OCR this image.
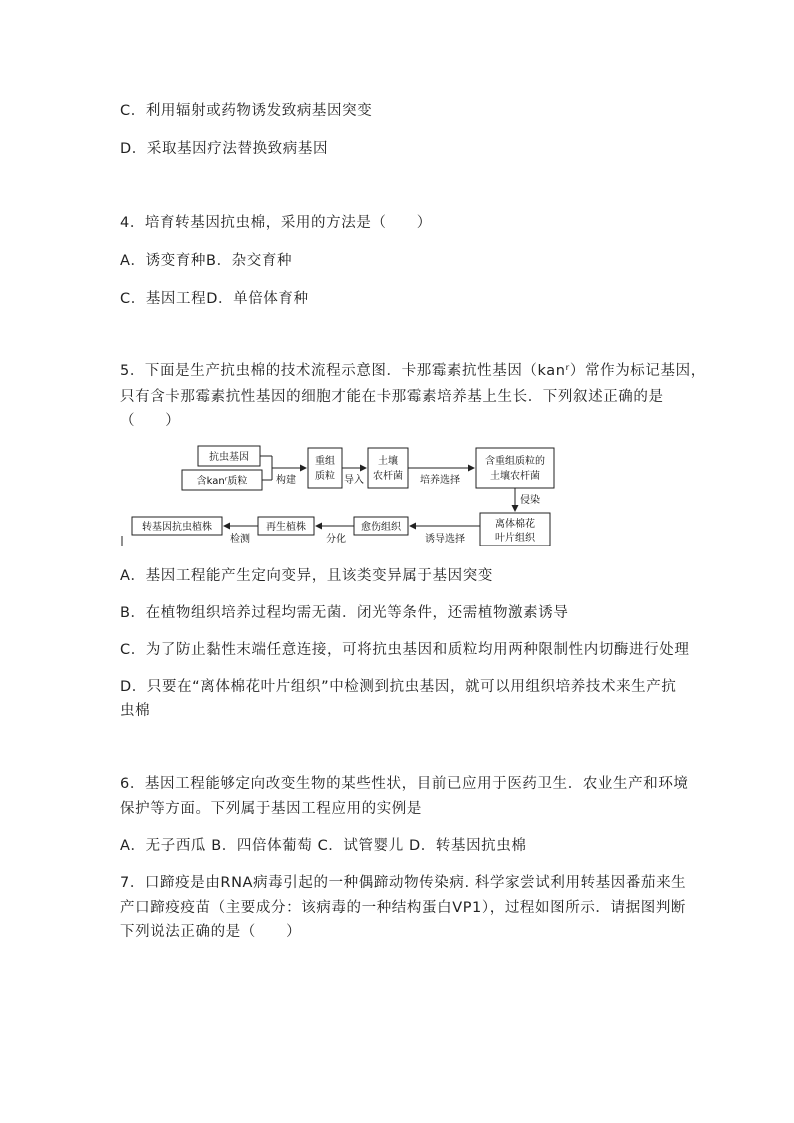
C．利用辐射或药物诱发致病基因突变
D．采取基因疗法替换致病基因
4．培育转基因抗虫棉，采用的方法是（　　）
A．诱变育种B．杂交育种
C．基因工程D．单倍体育种
5．下面是生产抗虫棉的技术流程示意图．卡那霉素抗性基因（kanʳ）常作为标记基因，
只有含卡那霉素抗性基因的细胞才能在卡那霉素培养基上生长．下列叙述正确的是
（　　）
抗虫基因
含kanʳ质粒	构建
重组
质粒 导入
土壤
农杆菌 培养选择
含重组质粒的
土壤农杆菌
侵染
离体棉花
叶片组织
诱导选择
愈伤组织
分化
再生植株
检测
转基因抗虫植株
A．基因工程能产生定向变异，且该类变异属于基因突变
B．在植物组织培养过程均需无菌．闭光等条件，还需植物激素诱导
C．为了防止黏性末端任意连接，可将抗虫基因和质粒均用两种限制性内切酶进行处理
D．只要在“离体棉花叶片组织”中检测到抗虫基因，就可以用组织培养技术来生产抗
虫棉
6．基因工程能够定向改变生物的某些性状，目前已应用于医药卫生．农业生产和环境
保护等方面。下列属于基因工程应用的实例是
A．无子西瓜 B．四倍体葡萄 C．试管婴儿 D．转基因抗虫棉
7．口蹄疫是由RNA病毒引起的一种偶蹄动物传染病. 科学家尝试利用转基因番茄来生
产口蹄疫疫苗（主要成分：该病毒的一种结构蛋白VP1），过程如图所示．请据图判断
下列说法正确的是（　　）
